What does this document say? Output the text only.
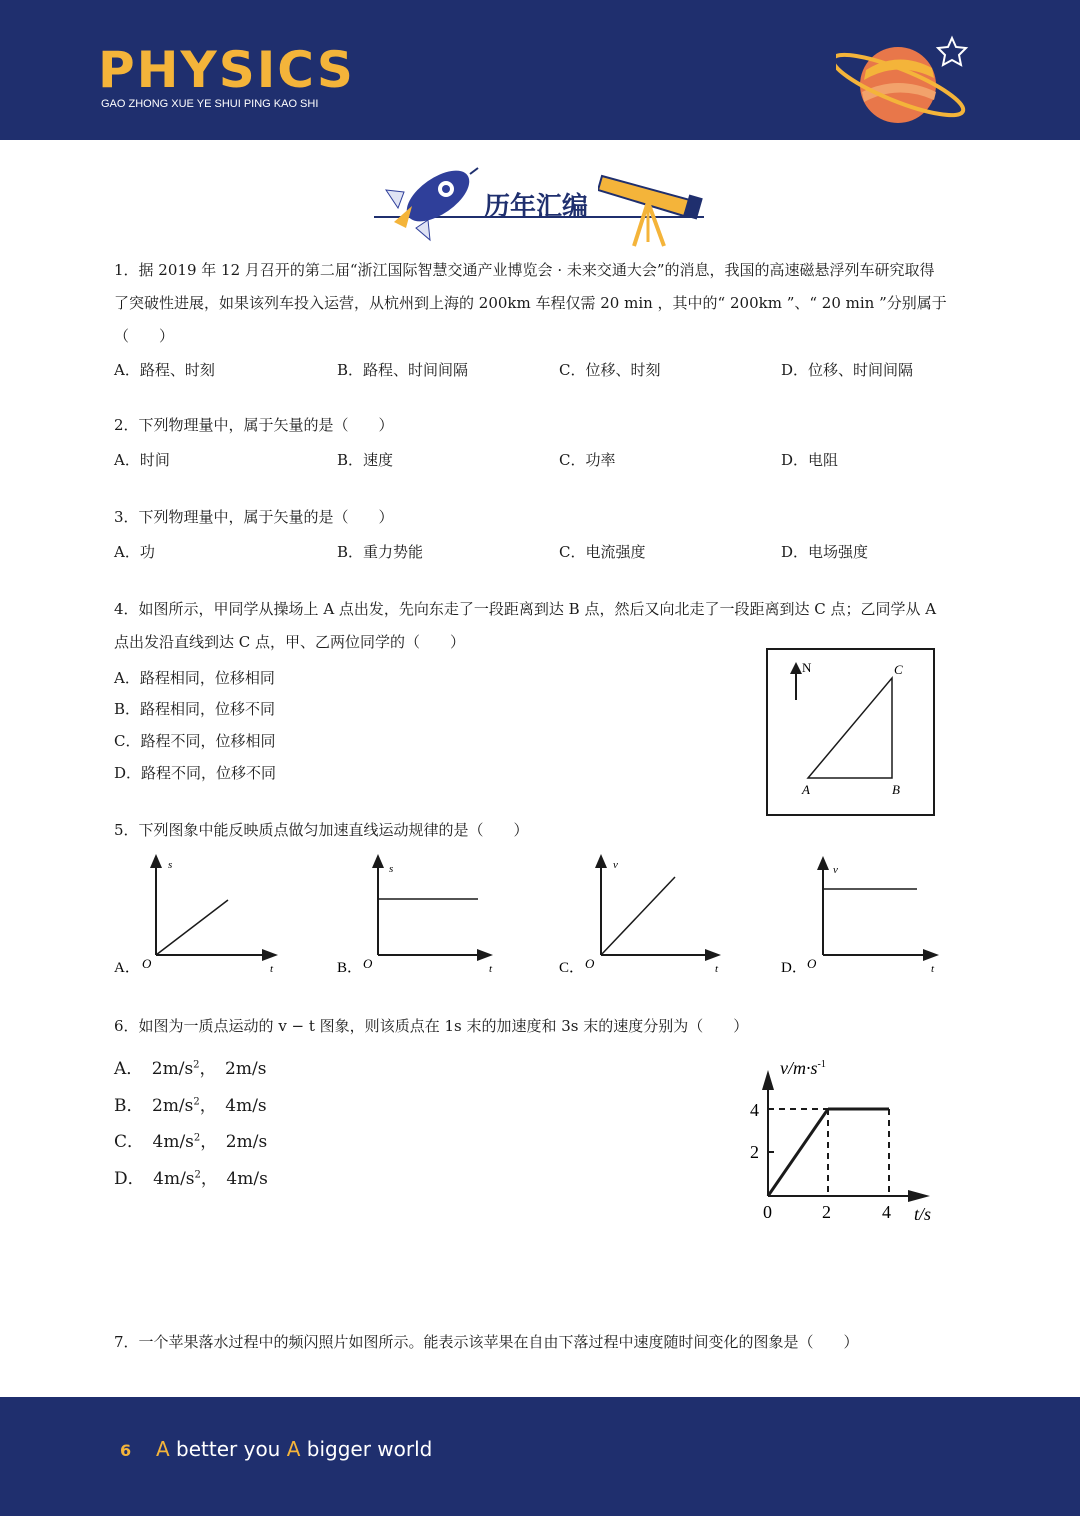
PHYSICS
GAO ZHONG XUE YE SHUI PING KAO SHI
历年汇编

1．据 2019 年 12 月召开的第二届“浙江国际智慧交通产业博览会 · 未来交通大会”的消息，我国的高速磁悬浮列车研究取得

了突破性进展，如果该列车投入运营，从杭州到上海的 200km 车程仅需 20 min ，其中的“ 200km ”、“ 20 min ”分别属于

（　　）

A．路程、时刻	B．路程、时间间隔	C．位移、时刻	D．位移、时间间隔

2．下列物理量中，属于矢量的是（　　）

A．时间	B．速度	C．功率	D．电阻

3．下列物理量中，属于矢量的是（　　）

A．功	B．重力势能	C．电流强度	D．电场强度

4．如图所示，甲同学从操场上 A 点出发，先向东走了一段距离到达 B 点，然后又向北走了一段距离到达 C 点；乙同学从 A

点出发沿直线到达 C 点，甲、乙两位同学的（　　）

A．路程相同，位移相同
B．路程相同，位移不同
C．路程不同，位移相同
D．路程不同，位移不同
N
A	B
C

5．下列图象中能反映质点做匀加速直线运动规律的是（　　）

A．
s
t
O	B．
s
t
O	C．
v
t
O	D．
v
t
O

6．如图为一质点运动的 v − t 图象，则该质点在 1s 末的加速度和 3s 末的速度分别为（　　）

A．  $2m/s^2$， 2m/s
B．  $2m/s^2$， 4m/s
C．  $4m/s^2$， 2m/s
D．  $4m/s^2$， 4m/s
$v/m\cdot s^{-1}$
4
2
0	2	4 t/s

7．一个苹果落水过程中的频闪照片如图所示。能表示该苹果在自由下落过程中速度随时间变化的图象是（　　）

6 A better you A bigger world
